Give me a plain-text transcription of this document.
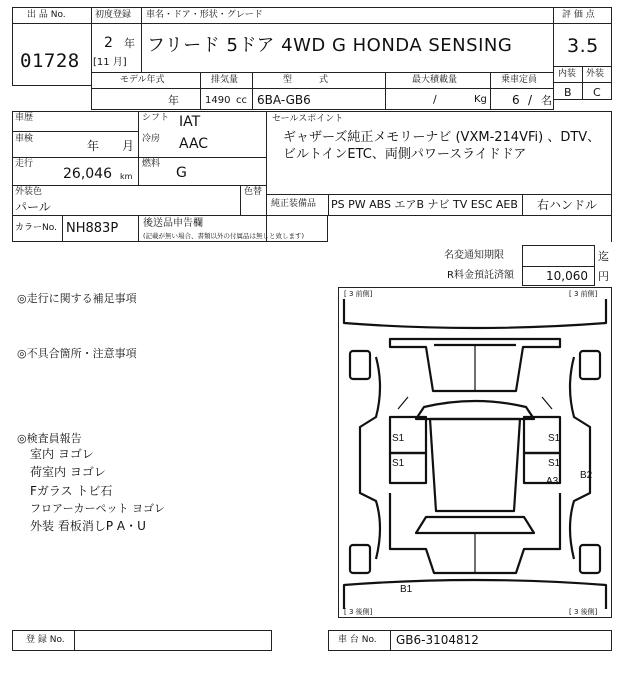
出 品 No.
01728
初度登録 車名・ドア・形状・グレード
2 年
[11 月]
フリード 5ドア 4WD G HONDA SENSING
評 価 点
3.5
内装 外装
B C
モデル年式	排気量	型　　　式	最大積載量	乗車定員
年	1490 cc 6BA-GB6	/	Kg 6 / 名
車歴
車検	年 月
走行
26,046 km
シフト IAT
冷房 AAC
燃料
G
外装色
パール
色替
カラーNo. NH883P 後送品申告欄
(記載が無い場合、書類以外の付属品は無しと致します)
セールスポイント
ギャザーズ純正メモリーナビ (VXM-214VFi) 、DTV、
ビルトインETC、両側パワースライドドア
純正装備品 PS PW ABS エアB ナビ TV ESC AEB 右ハンドル
名変通知期限	迄
R料金預託済額	10,060 円
◎走行に関する補足事項
◎不具合箇所・注意事項
◎検査員報告
室内 ヨゴレ
荷室内 ヨゴレ
Fガラス トビ石
フロアーカーペット ヨゴレ
外装 看板消しP A・U
[ 3 前側]	[ 3 前側]
[ 3 後側]	[ 3 後側]
S1
S1
S1
S1
A3
B2
B1
登 録 No.	車 台 No. GB6-3104812
